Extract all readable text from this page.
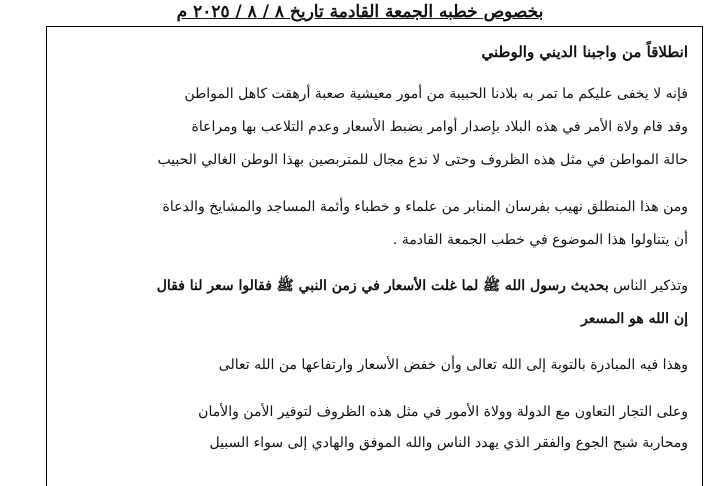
بخصوص خطبه الجمعة القادمة تاريخ ٨ / ٨ / ٢٠٢٥ م
انطلاقاً من واجبنا الديني والوطني
فإنه لا يخفى عليكم ما تمر به بلادنا الحبيبة من أمور معيشية صعبة أرهقت كاهل المواطن
وقد قام ولاة الأمر في هذه البلاد بإصدار أوامر بضبط الأسعار وعدم التلاعب بها ومراعاة
حالة المواطن في مثل هذه الظروف وحتى لا ندع مجال للمتربصين بهذا الوطن الغالي الحبيب
ومن هذا المنطلق نهيب بفرسان المنابر من علماء و خطباء وأئمة المساجد والمشايخ والدعاة
أن يتناولوا هذا الموضوع في خطب الجمعة القادمة .
وتذكير الناس بحديث رسول الله ﷺ لما غلت الأسعار في زمن النبي ﷺ فقالوا سعر لنا فقال
إن الله هو المسعر
وهذا فيه المبادرة بالتوبة إلى الله تعالى وأن خفض الأسعار وارتفاعها من الله تعالى
وعلى التجار التعاون مع الدولة وولاة الأمور في مثل هذه الظروف لتوفير الأمن والأمان
ومحاربة شبح الجوع والفقر الذي يهدد الناس والله الموفق والهادي إلى سواء السبيل
